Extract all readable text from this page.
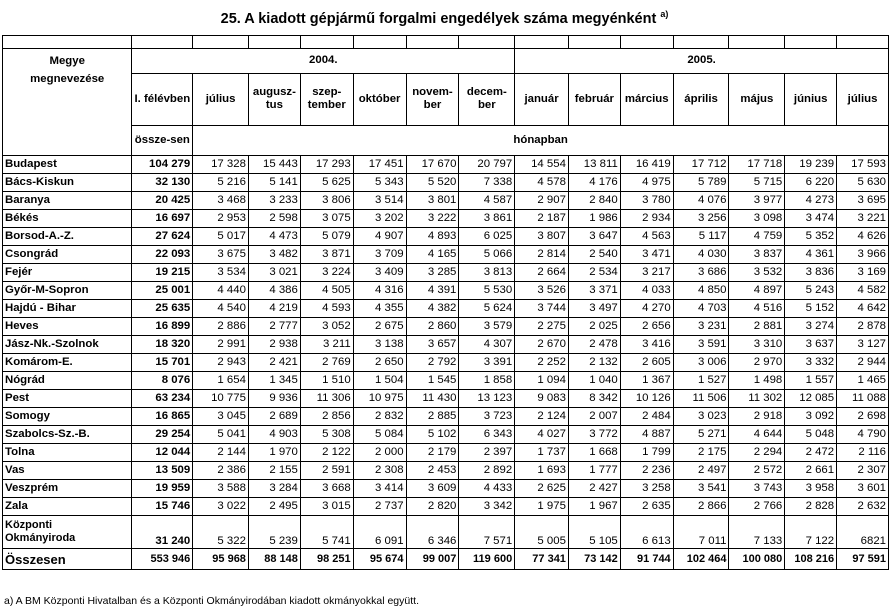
25. A kiadott gépjármű forgalmi engedélyek száma megyénként $^{a)}$

Megye	2004.							2005.						
megnevezése	I. félévben	július	augusz-tus	szep-tember	október	novem-ber	decem-ber	január	február	március	április	május	június	július
	össze-sen	hónapban												
Budapest	104 279	17 328	15 443	17 293	17 451	17 670	20 797	14 554	13 811	16 419	17 712	17 718	19 239	17 593
Bács-Kiskun	32 130	5 216	5 141	5 625	5 343	5 520	7 338	4 578	4 176	4 975	5 789	5 715	6 220	5 630
Baranya	20 425	3 468	3 233	3 806	3 514	3 801	4 587	2 907	2 840	3 780	4 076	3 977	4 273	3 695
Békés	16 697	2 953	2 598	3 075	3 202	3 222	3 861	2 187	1 986	2 934	3 256	3 098	3 474	3 221
Borsod-A.-Z.	27 624	5 017	4 473	5 079	4 907	4 893	6 025	3 807	3 647	4 563	5 117	4 759	5 352	4 626
Csongrád	22 093	3 675	3 482	3 871	3 709	4 165	5 066	2 814	2 540	3 471	4 030	3 837	4 361	3 966
Fejér	19 215	3 534	3 021	3 224	3 409	3 285	3 813	2 664	2 534	3 217	3 686	3 532	3 836	3 169
Győr-M-Sopron	25 001	4 440	4 386	4 505	4 316	4 391	5 530	3 526	3 371	4 033	4 850	4 897	5 243	4 582
Hajdú - Bihar	25 635	4 540	4 219	4 593	4 355	4 382	5 624	3 744	3 497	4 270	4 703	4 516	5 152	4 642
Heves	16 899	2 886	2 777	3 052	2 675	2 860	3 579	2 275	2 025	2 656	3 231	2 881	3 274	2 878
Jász-Nk.-Szolnok	18 320	2 991	2 938	3 211	3 138	3 657	4 307	2 670	2 478	3 416	3 591	3 310	3 637	3 127
Komárom-E.	15 701	2 943	2 421	2 769	2 650	2 792	3 391	2 252	2 132	2 605	3 006	2 970	3 332	2 944
Nógrád	8 076	1 654	1 345	1 510	1 504	1 545	1 858	1 094	1 040	1 367	1 527	1 498	1 557	1 465
Pest	63 234	10 775	9 936	11 306	10 975	11 430	13 123	9 083	8 342	10 126	11 506	11 302	12 085	11 088
Somogy	16 865	3 045	2 689	2 856	2 832	2 885	3 723	2 124	2 007	2 484	3 023	2 918	3 092	2 698
Szabolcs-Sz.-B.	29 254	5 041	4 903	5 308	5 084	5 102	6 343	4 027	3 772	4 887	5 271	4 644	5 048	4 790
Tolna	12 044	2 144	1 970	2 122	2 000	2 179	2 397	1 737	1 668	1 799	2 175	2 294	2 472	2 116
Vas	13 509	2 386	2 155	2 591	2 308	2 453	2 892	1 693	1 777	2 236	2 497	2 572	2 661	2 307
Veszprém	19 959	3 588	3 284	3 668	3 414	3 609	4 433	2 625	2 427	3 258	3 541	3 743	3 958	3 601
Zala	15 746	3 022	2 495	3 015	2 737	2 820	3 342	1 975	1 967	2 635	2 866	2 766	2 828	2 632
Központi
Okmányiroda	31 240	5 322	5 239	5 741	6 091	6 346	7 571	5 005	5 105	6 613	7 011	7 133	7 122	6821
Összesen	553 946	95 968	88 148	98 251	95 674	99 007	119 600	77 341	73 142	91 744	102 464	100 080	108 216	97 591
a) A BM Központi Hivatalban és a Központi Okmányirodában kiadott okmányokkal együtt.
